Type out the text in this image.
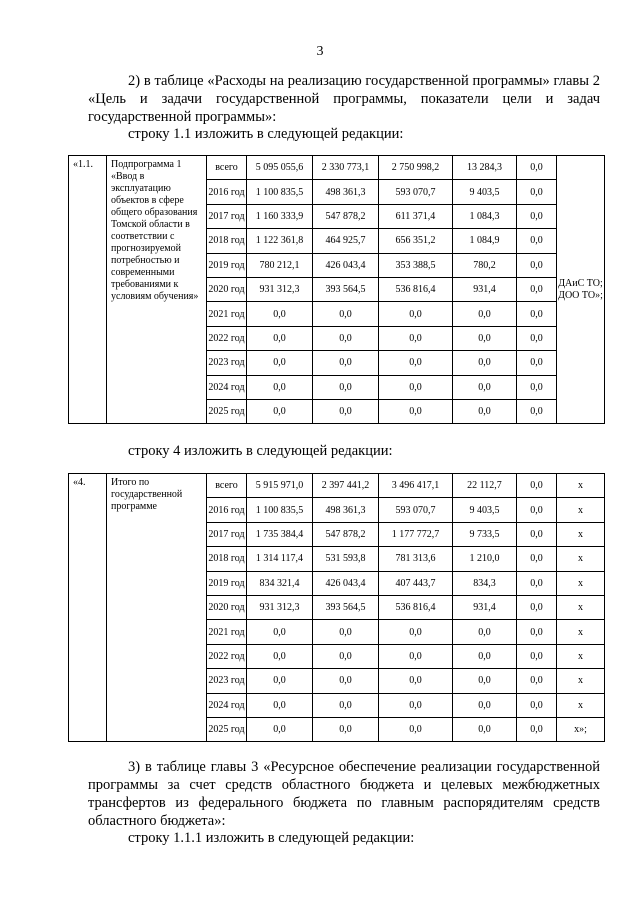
3
2) в таблице «Расходы на реализацию государственной программы» главы 2 «Цель и задачи государственной программы, показатели цели и задач государственной программы»:
строку 1.1 изложить в следующей редакции:
«1.1.	Подпрограмма 1 «Ввод в эксплуатацию объектов в сфере общего образования Томской области в соответствии с прогнозируемой потребностью и современными требованиями к условиям обучения»	всего	5 095 055,6	2 330 773,1	2 750 998,2	13 284,3	0,0	ДАиС ТО; ДОО ТО»;
		2016 год	1 100 835,5	498 361,3	593 070,7	9 403,5	0,0	
		2017 год	1 160 333,9	547 878,2	611 371,4	1 084,3	0,0	
		2018 год	1 122 361,8	464 925,7	656 351,2	1 084,9	0,0	
		2019 год	780 212,1	426 043,4	353 388,5	780,2	0,0	
		2020 год	931 312,3	393 564,5	536 816,4	931,4	0,0	
		2021 год	0,0	0,0	0,0	0,0	0,0	
		2022 год	0,0	0,0	0,0	0,0	0,0	
		2023 год	0,0	0,0	0,0	0,0	0,0	
		2024 год	0,0	0,0	0,0	0,0	0,0	
		2025 год	0,0	0,0	0,0	0,0	0,0	
строку 4 изложить в следующей редакции:
«4.	Итого по государственной программе	всего	5 915 971,0	2 397 441,2	3 496 417,1	22 112,7	0,0	х
		2016 год	1 100 835,5	498 361,3	593 070,7	9 403,5	0,0	х
		2017 год	1 735 384,4	547 878,2	1 177 772,7	9 733,5	0,0	х
		2018 год	1 314 117,4	531 593,8	781 313,6	1 210,0	0,0	х
		2019 год	834 321,4	426 043,4	407 443,7	834,3	0,0	х
		2020 год	931 312,3	393 564,5	536 816,4	931,4	0,0	х
		2021 год	0,0	0,0	0,0	0,0	0,0	х
		2022 год	0,0	0,0	0,0	0,0	0,0	х
		2023 год	0,0	0,0	0,0	0,0	0,0	х
		2024 год	0,0	0,0	0,0	0,0	0,0	х
		2025 год	0,0	0,0	0,0	0,0	0,0	х»;
3) в таблице главы 3 «Ресурсное обеспечение реализации государственной программы за счет средств областного бюджета и целевых межбюджетных трансфертов из федерального бюджета по главным распорядителям средств областного бюджета»:
строку 1.1.1 изложить в следующей редакции:
